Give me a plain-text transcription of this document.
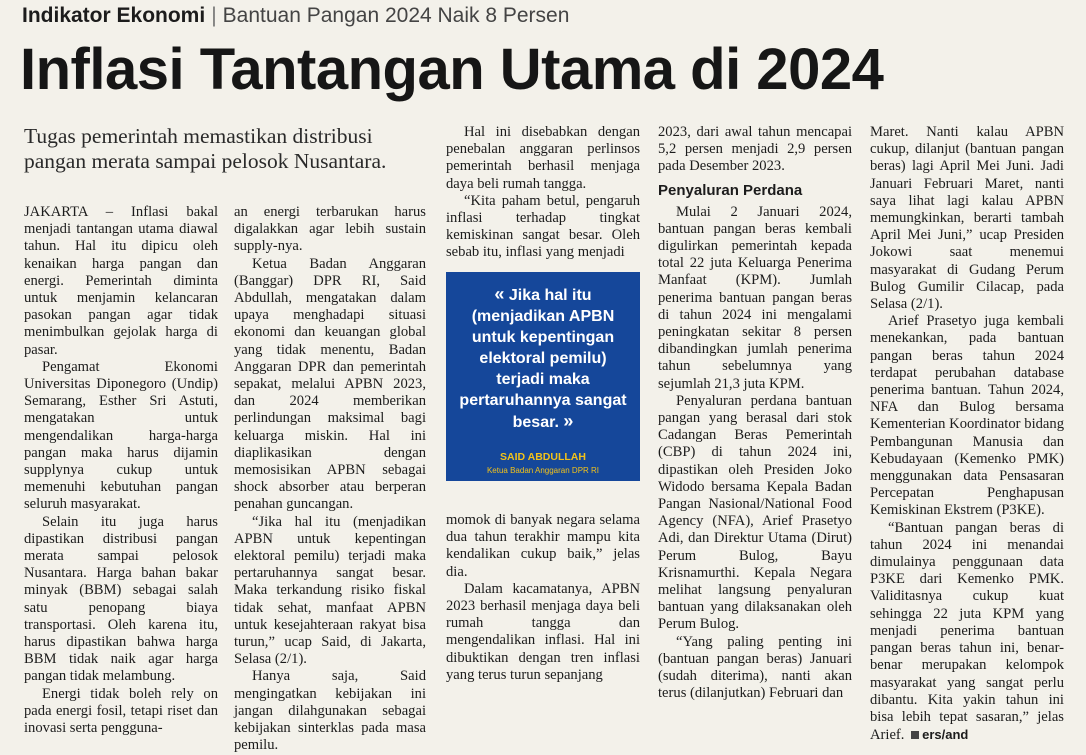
Indikator Ekonomi | Bantuan Pangan 2024 Naik 8 Persen
Inflasi Tantangan Utama di 2024
Tugas pemerintah memastikan distribusi pangan merata sampai pelosok Nusantara.

JAKARTA – Inflasi bakal menjadi tantangan utama diawal tahun. Hal itu dipicu oleh kenaikan harga pangan dan energi. Pemerintah diminta untuk menjamin kelancaran pasokan pangan agar tidak menimbulkan gejolak harga di pasar.

Pengamat Ekonomi Universitas Diponegoro (Undip) Semarang, Esther Sri Astuti, mengatakan untuk mengendalikan harga-harga pangan maka harus dijamin supplynya cukup untuk memenuhi kebutuhan pangan seluruh masyarakat.

Selain itu juga harus dipastikan distribusi pangan merata sampai pelosok Nusantara. Harga bahan bakar minyak (BBM) sebagai salah satu penopang biaya transportasi. Oleh karena itu, harus dipastikan bahwa harga BBM tidak naik agar harga pangan tidak melambung.

Energi tidak boleh rely on pada energi fosil, tetapi riset dan inovasi serta pengguna-

an energi terbarukan harus digalakkan agar lebih sustain supply-nya.

Ketua Badan Anggaran (Banggar) DPR RI, Said Abdullah, mengatakan dalam upaya menghadapi situasi ekonomi dan keuangan global yang tidak menentu, Badan Anggaran DPR dan pemerintah sepakat, melalui APBN 2023, dan 2024 memberikan perlindungan maksimal bagi keluarga miskin. Hal ini diaplikasikan dengan memosisikan APBN sebagai shock absorber atau berperan penahan guncangan.

“Jika hal itu (menjadikan APBN untuk kepentingan elektoral pemilu) terjadi maka pertaruhannya sangat besar. Maka terkandung risiko fiskal tidak sehat, manfaat APBN untuk kesejahteraan rakyat bisa turun,” ucap Said, di Jakarta, Selasa (2/1).

Hanya saja, Said mengingatkan kebijakan ini jangan dilahgunakan sebagai kebijakan sinterklas pada masa pemilu.

Hal ini disebabkan dengan penebalan anggaran perlinsos pemerintah berhasil menjaga daya beli rumah tangga.

“Kita paham betul, pengaruh inflasi terhadap tingkat kemiskinan sangat besar. Oleh sebab itu, inflasi yang menjadi

« Jika hal itu (menjadikan APBN untuk kepentingan elektoral pemilu) terjadi maka pertaruhannya sangat besar. »
SAID ABDULLAH
Ketua Badan Anggaran DPR RI

momok di banyak negara selama dua tahun terakhir mampu kita kendalikan cukup baik,” jelas dia.

Dalam kacamatanya, APBN 2023 berhasil menjaga daya beli rumah tangga dan mengendalikan inflasi. Hal ini dibuktikan dengan tren inflasi yang terus turun sepanjang

2023, dari awal tahun mencapai 5,2 persen menjadi 2,9 persen pada Desember 2023.

Penyaluran Perdana

Mulai 2 Januari 2024, bantuan pangan beras kembali digulirkan pemerintah kepada total 22 juta Keluarga Penerima Manfaat (KPM). Jumlah penerima bantuan pangan beras di tahun 2024 ini mengalami peningkatan sekitar 8 persen dibandingkan jumlah penerima tahun sebelumnya yang sejumlah 21,3 juta KPM.

Penyaluran perdana bantuan pangan yang berasal dari stok Cadangan Beras Pemerintah (CBP) di tahun 2024 ini, dipastikan oleh Presiden Joko Widodo bersama Kepala Badan Pangan Nasional/National Food Agency (NFA), Arief Prasetyo Adi, dan Direktur Utama (Dirut) Perum Bulog, Bayu Krisnamurthi. Kepala Negara melihat langsung penyaluran bantuan yang dilaksanakan oleh Perum Bulog.

“Yang paling penting ini (bantuan pangan beras) Januari (sudah diterima), nanti akan terus (dilanjutkan) Februari dan

Maret. Nanti kalau APBN cukup, dilanjut (bantuan pangan beras) lagi April Mei Juni. Jadi Januari Februari Maret, nanti saya lihat lagi kalau APBN memungkinkan, berarti tambah April Mei Juni,” ucap Presiden Jokowi saat menemui masyarakat di Gudang Perum Bulog Gumilir Cilacap, pada Selasa (2/1).

Arief Prasetyo juga kembali menekankan, pada bantuan pangan beras tahun 2024 terdapat perubahan database penerima bantuan. Tahun 2024, NFA dan Bulog bersama Kementerian Koordinator bidang Pembangunan Manusia dan Kebudayaan (Kemenko PMK) menggunakan data Pensasaran Percepatan Penghapusan Kemiskinan Ekstrem (P3KE).

“Bantuan pangan beras di tahun 2024 ini menandai dimulainya penggunaan data P3KE dari Kemenko PMK. Validitasnya cukup kuat sehingga 22 juta KPM yang menjadi penerima bantuan pangan beras tahun ini, benar-benar merupakan kelompok masyarakat yang sangat perlu dibantu. Kita yakin tahun ini bisa lebih tepat sasaran,” jelas Arief. ers/and
